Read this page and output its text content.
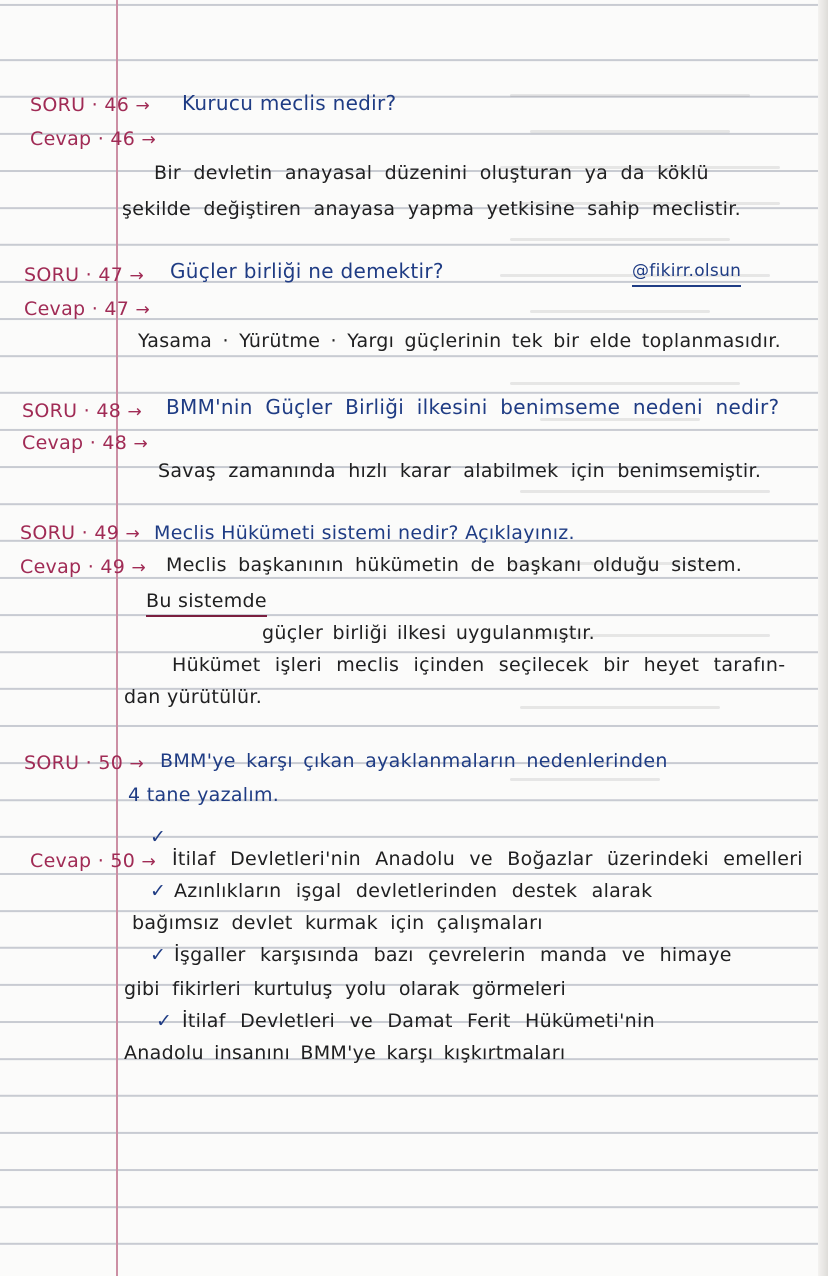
SORU · 46 → Kurucu meclis nedir?
Cevap · 46 →
Bir devletin anayasal düzenini oluşturan ya da köklü
şekilde değiştiren anayasa yapma yetkisine sahip meclistir.
SORU · 47 → Güçler birliği ne demektir?	@fikirr.olsun
Cevap · 47 →
Yasama · Yürütme · Yargı güçlerinin tek bir elde toplanmasıdır.
SORU · 48 → BMM'nin Güçler Birliği ilkesini benimseme nedeni nedir?
Cevap · 48 →
Savaş zamanında hızlı karar alabilmek için benimsemiştir.
SORU · 49 → Meclis Hükümeti sistemi nedir? Açıklayınız.
Cevap · 49 → Meclis başkanının hükümetin de başkanı olduğu sistem.
Bu sistemde
güçler birliği ilkesi uygulanmıştır.
Hükümet işleri meclis içinden seçilecek bir heyet tarafın-
dan yürütülür.
SORU · 50 → BMM'ye karşı çıkan ayaklanmaların nedenlerinden
4 tane yazalım.
Cevap · 50 →
✓
İtilaf Devletleri'nin Anadolu ve Boğazlar üzerindeki emelleri
✓ Azınlıkların işgal devletlerinden destek alarak
bağımsız devlet kurmak için çalışmaları
✓ İşgaller karşısında bazı çevrelerin manda ve himaye
gibi fikirleri kurtuluş yolu olarak görmeleri
✓ İtilaf Devletleri ve Damat Ferit Hükümeti'nin
Anadolu insanını BMM'ye karşı kışkırtmaları
